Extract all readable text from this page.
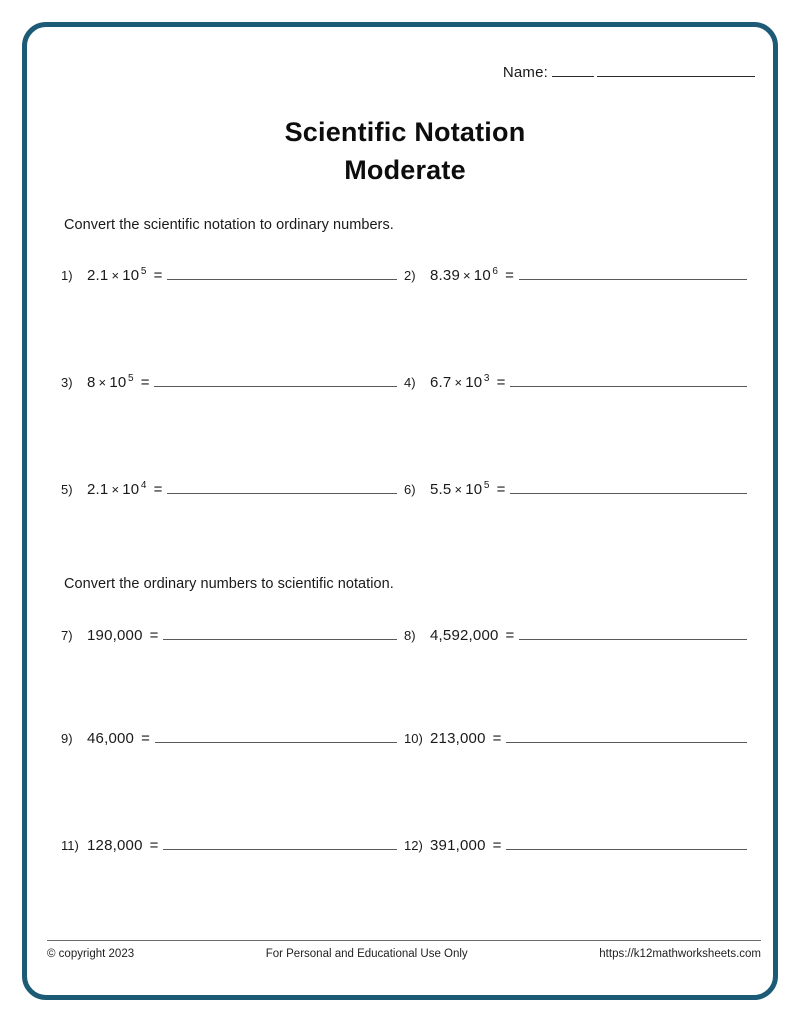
Name:
Scientific Notation
Moderate
Convert the scientific notation to ordinary numbers.
1) 2.1 × 10 $^5$ =	2) 8.39 × 10 $^6$ =
3) 8 × 10 $^5$ =	4) 6.7 × 10 $^3$ =
5) 2.1 × 10 $^4$ =	6) 5.5 × 10 $^5$ =
Convert the ordinary numbers to scientific notation.
7) 190,000 =	8) 4,592,000 =
9) 46,000 =	10) 213,000 =
11) 128,000 =	12) 391,000 =
© copyright 2023	For Personal and Educational Use Only	https://k12mathworksheets.com
